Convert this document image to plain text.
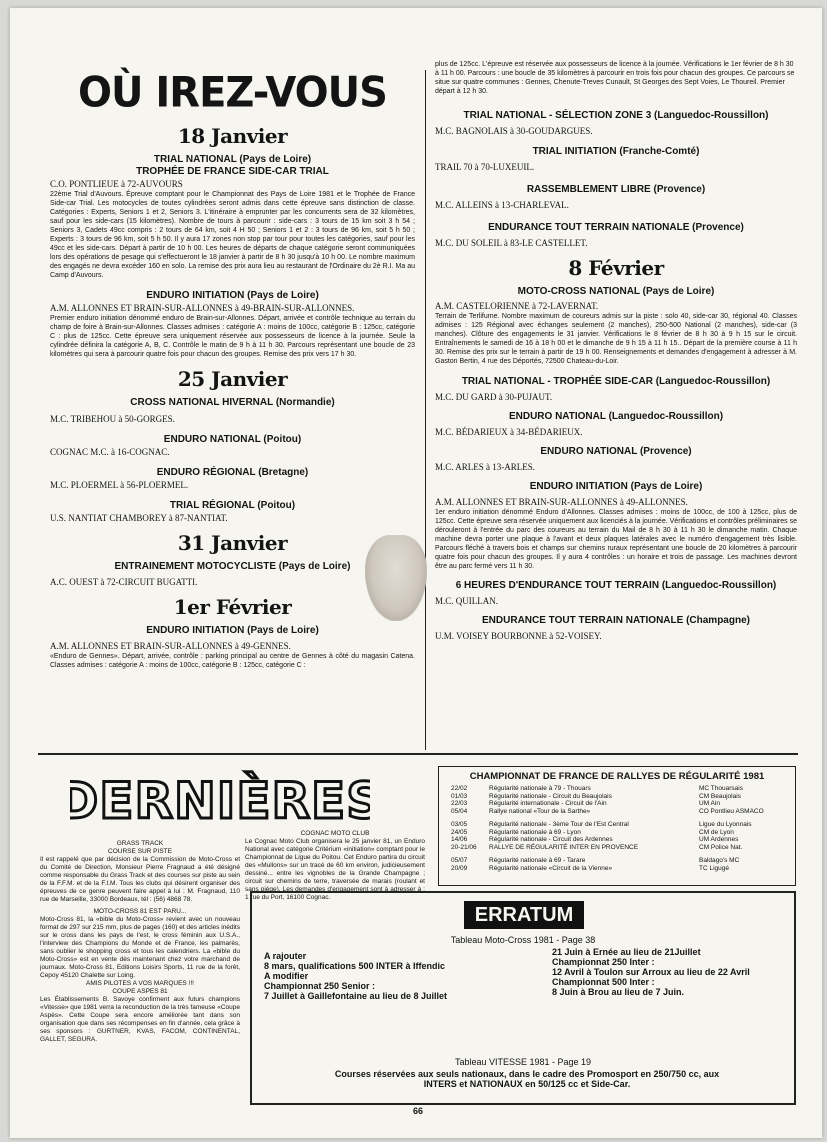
OÙ IREZ-VOUS
18 Janvier
TRIAL NATIONAL (Pays de Loire)
TROPHÉE DE FRANCE SIDE-CAR TRIAL
C.O. PONTLIEUE à 72-AUVOURS

22ème Trial d'Auvours. Épreuve comptant pour le Championnat des Pays de Loire 1981 et le Trophée de France Side-car Trial. Les motocycles de toutes cylindrées seront admis dans cette épreuve sans distinction de classe. Catégories : Experts, Seniors 1 et 2, Seniors 3. L'itinéraire à emprunter par les concurrents sera de 32 kilomètres, sauf pour les side-cars (15 kilomètres). Nombre de tours à parcourir : side-cars : 3 tours de 15 km soit 3 h 54 ; Seniors 3, Cadets 49cc compris : 2 tours de 64 km, soit 4 H 50 ; Seniors 1 et 2 : 3 tours de 96 km, soit 5 h 50 ; Experts : 3 tours de 96 km, soit 5 h 50. Il y aura 17 zones non stop par tour pour toutes les catégories, sauf pour les 49cc et les side-cars. Départ à partir de 10 h 00. Les heures de départs de chaque catégorie seront communiquées lors des opérations de pesage qui s'effectueront le 18 janvier à partir de 8 h 30 jusqu'à 10 h 00. Le nombre maximum des engagés ne devra excéder 160 en solo. La remise des prix aura lieu au restaurant de l'Ordinaire du 2è R.I. Ma au Camp d'Auvours.

ENDURO INITIATION (Pays de Loire)
A.M. ALLONNES ET BRAIN-SUR-ALLONNES à 49-BRAIN-SUR-ALLONNES.

Premier enduro initiation dénommé enduro de Brain-sur-Allonnes. Départ, arrivée et contrôle technique au terrain du champ de foire à Brain-sur-Allonnes. Classes admises : catégorie A : moins de 100cc, catégorie B : 125cc, catégorie C : plus de 125cc. Cette épreuve sera uniquement réservée aux possesseurs de licence à la journée. Seule la cylindrée définira la catégorie A, B, C. Contrôle le matin de 9 h à 11 h 30. Parcours représentant une boucle de 23 kilomètres qui sera à parcourir quatre fois pour chacun des groupes. Remise des prix vers 17 h 30.

25 Janvier
CROSS NATIONAL HIVERNAL (Normandie)
M.C. TRIBEHOU à 50-GORGES.
ENDURO NATIONAL (Poitou)
COGNAC M.C. à 16-COGNAC.
ENDURO RÉGIONAL (Bretagne)
M.C. PLOERMEL à 56-PLOERMEL.
TRIAL RÉGIONAL (Poitou)
U.S. NANTIAT CHAMBOREY à 87-NANTIAT.
31 Janvier
ENTRAINEMENT MOTOCYCLISTE (Pays de Loire)
A.C. OUEST à 72-CIRCUIT BUGATTI.
1er Février
ENDURO INITIATION (Pays de Loire)
A.M. ALLONNES ET BRAIN-SUR-ALLONNES à 49-GENNES.

«Enduro de Gennes». Départ, arrivée, contrôle : parking principal au centre de Gennes à côté du magasin Catena. Classes admises : catégorie A : moins de 100cc, catégorie B : 125cc, catégorie C :

plus de 125cc. L'épreuve est réservée aux possesseurs de licence à la journée. Vérifications le 1er février de 8 h 30 à 11 h 00. Parcours : une boucle de 35 kilomètres à parcourir en trois fois pour chacun des groupes. Ce parcours se situe sur quatre communes : Gennes, Chenute-Treves Cunault, St Georges des Sept Voies, Le Thoureil. Premier départ à 12 h 30.

TRIAL NATIONAL - SÉLECTION ZONE 3 (Languedoc-Roussillon)
M.C. BAGNOLAIS à 30-GOUDARGUES.
TRIAL INITIATION (Franche-Comté)
TRAIL 70 à 70-LUXEUIL.
RASSEMBLEMENT LIBRE (Provence)
M.C. ALLEINS à 13-CHARLEVAL.
ENDURANCE TOUT TERRAIN NATIONALE (Provence)
M.C. DU SOLEIL à 83-LE CASTELLET.
8 Février
MOTO-CROSS NATIONAL (Pays de Loire)
A.M. CASTELORIENNE à 72-LAVERNAT.

Terrain de Terlifume. Nombre maximum de coureurs admis sur la piste : solo 40, side-car 30, régional 40. Classes admises : 125 Régional avec échanges seulement (2 manches), 250-500 National (2 manches), side-car (3 manches). Clôture des engagements le 31 janvier. Vérifications le 8 février de 8 h 30 à 9 h 15 sur le circuit. Entraînements le samedi de 16 à 18 h 00 et le dimanche de 9 h 15 à 11 h 15.. Départ de la première course à 11 h 30. Remise des prix sur le terrain à partir de 19 h 00. Renseignements et demandes d'engagement à adresser à M. Gaston Bertin, 4 rue des Déportés, 72500 Chateau-du-Loir.

TRIAL NATIONAL - TROPHÉE SIDE-CAR (Languedoc-Roussillon)
M.C. DU GARD à 30-PUJAUT.
ENDURO NATIONAL (Languedoc-Roussillon)
M.C. BÉDARIEUX à 34-BÉDARIEUX.
ENDURO NATIONAL (Provence)
M.C. ARLES à 13-ARLES.
ENDURO INITIATION (Pays de Loire)
A.M. ALLONNES ET BRAIN-SUR-ALLONNES à 49-ALLONNES.

1er enduro initiation dénommé Enduro d'Allonnes. Classes admises : moins de 100cc, de 100 à 125cc, plus de 125cc. Cette épreuve sera réservée uniquement aux licenciés à la journée. Vérifications et contrôles préliminaires se dérouleront à l'entrée du parc des coureurs au terrain du Mail de 8 h 30 à 11 h 30 le dimanche matin. Chaque machine devra porter une plaque à l'avant et deux plaques latérales avec le numéro d'engagement très lisible. Parcours fléché à travers bois et champs sur chemins ruraux représentant une boucle de 20 kilomètres à parcourir quatre fois pour chacun des groupes. Il y aura 4 contrôles : un horaire et trois de passage. Les machines devront être au parc fermé vers 11 h 30.

6 HEURES D'ENDURANCE TOUT TERRAIN (Languedoc-Roussillon)
M.C. QUILLAN.
ENDURANCE TOUT TERRAIN NATIONALE (Champagne)
U.M. VOISEY BOURBONNE à 52-VOISEY.
DERNIÈRES
GRASS TRACK
COURSE SUR PISTE
Il est rappelé que par décision de la Commission de Moto-Cross et du Comité de Direction, Monsieur Pierre Fragnaud a été désigné comme responsable du Grass Track et des courses sur piste au sein de la F.F.M. et de la F.I.M. Tous les clubs qui désirent organiser des épreuves de ce genre peuvent faire appel à lui : M. Fragnaud, 110 rue de Marseille, 33000 Bordeaux, tél : (56) 4868 78.
MOTO-CROSS 81 EST PARU...
Moto-Cross 81, la «bible du Moto-Cross» revient avec un nouveau format de 297 sur 215 mm, plus de pages (160) et des articles inédits sur le cross dans les pays de l'est, le cross féminin aux U.S.A., l'interview des Champions du Monde et de France, les palmarès, sans oublier le shopping cross et tous les calendriers. La «bible du Moto-Cross» est en vente dès maintenant chez votre marchand de journaux. Moto-Cross 81, Editions Loisirs Sports, 11 rue de la forêt, Cepoy 45120 Chalette sur Loing.
AMIS PILOTES A VOS MARQUES !!!
COUPE ASPES 81
Les Établissements B. Savoye confirment aux futurs champions «Vitesse» que 1981 verra la reconduction de la très fameuse «Coupe Aspès». Cette Coupe sera encore améliorée tant dans son organisation que dans ses récompenses en fin d'année, cela grâce à ses sponsors : GURTNER, KVAS, FACOM, CONTINENTAL, GALLET, SEGURA.
COGNAC MOTO CLUB
Le Cognac Moto Club organisera le 25 janvier 81, un Enduro National avec catégorie Critérium «initiation» comptant pour le Championnat de Ligue du Poitou. Cet Enduro partira du circuit des «Mullons» sur un tracé de 60 km environ, judicieusement dessiné... entre les vignobles de la Grande Champagne ; circuit sur chemins de terre, traversée de marais (roulant et sans piège). Les demandes d'engagement sont à adresser à : 1 rue du Port, 16100 Cognac.
CHAMPIONNAT DE FRANCE DE RALLYES DE RÉGULARITÉ 1981
22/02	Régularité nationale à 79 - Thouars	MC Thouarsais
01/03	Régularité nationale - Circuit du Beaujolais	CM Beaujolais
22/03	Régularité internationale - Circuit de l'Ain	UM Ain
05/04	Rallye national «Tour de la Sarthe»	CO Pontlieu ASMACO
03/05	Régularité nationale - 3ème Tour de l'Est Central	Ligue du Lyonnais
24/05	Régularité nationale à 69 - Lyon	CM de Lyon
14/06	Régularité nationale - Circuit des Ardennes	UM Ardennes
20-21/06	RALLYE DE RÉGULARITÉ INTER EN PROVENCE	CM Police Nat.
05/07	Régularité nationale à 69 - Tarare	Baldago's MC
20/09	Régularité nationale «Circuit de la Vienne»	TC Ligugé
ERRATUM
Tableau Moto-Cross 1981 - Page 38
A rajouter
8 mars, qualifications 500 INTER à Iffendic
A modifier
Championnat 250 Senior :
7 Juillet à Gaillefontaine au lieu de 8 Juillet
21 Juin à Ernée au lieu de 21Juillet
Championnat 250 Inter :
12 Avril à Toulon sur Arroux au lieu de 22 Avril
Championnat 500 Inter :
8 Juin à Brou au lieu de 7 Juin.
Tableau VITESSE 1981 - Page 19
Courses réservées aux seuls nationaux, dans le cadre des Promosport en 250/750 cc, aux INTERS et NATIONAUX en 50/125 cc et Side-Car.
66
